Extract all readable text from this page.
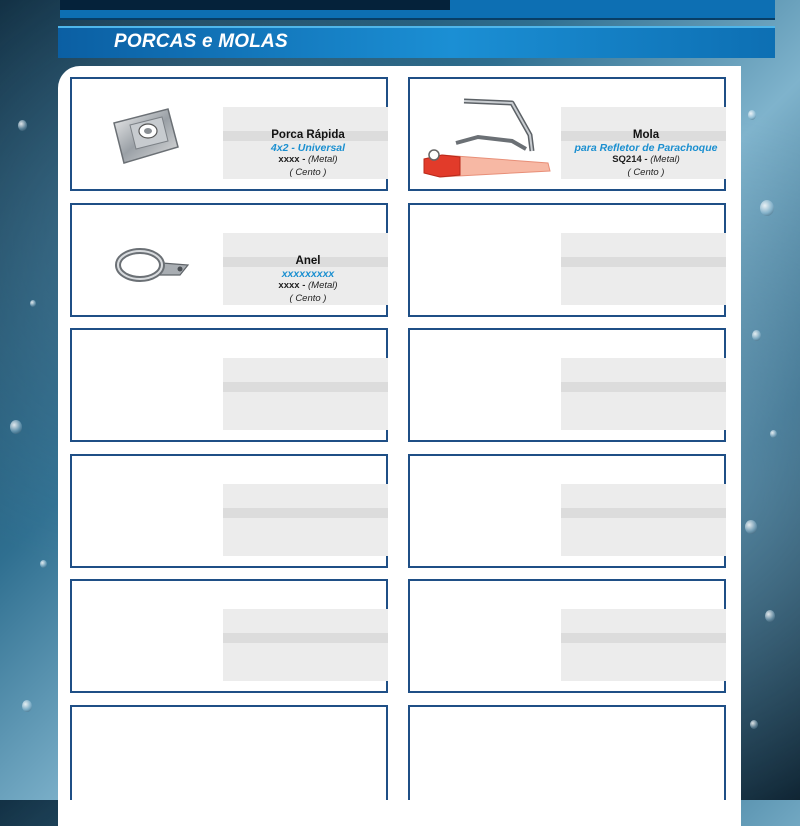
PORCAS e MOLAS
Porca Rápida
4x2 - Universal
xxxx - (Metal)
( Cento )
Mola
para Refletor de Parachoque
SQ214 - (Metal)
( Cento )
Anel
xxxxxxxxx
xxxx - (Metal)
( Cento )
